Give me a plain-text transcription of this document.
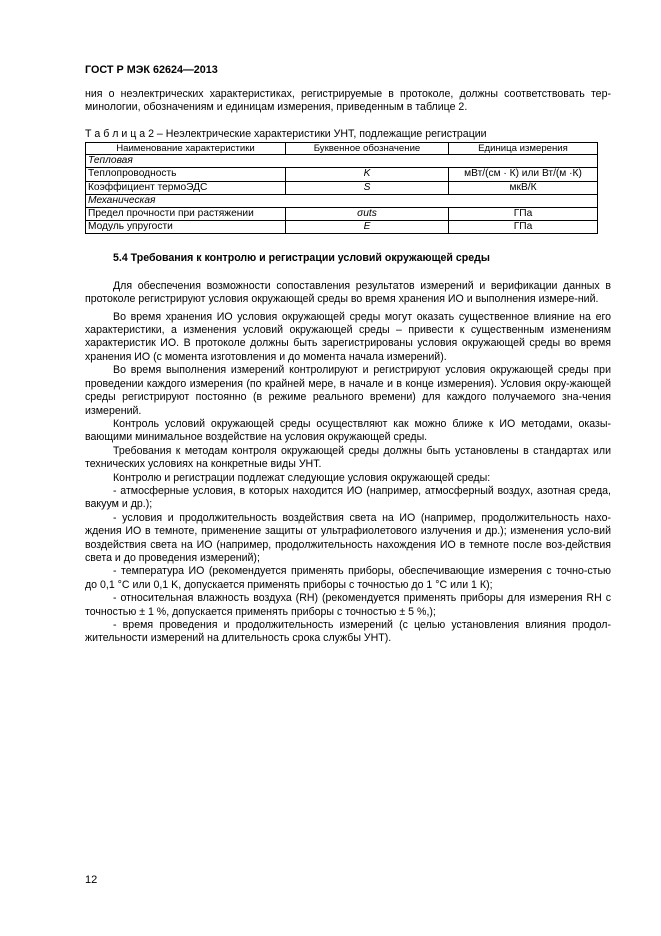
ГОСТ Р МЭК 62624—2013

ния о неэлектрических характеристиках, регистрируемые в протоколе, должны соответствовать тер-минологии, обозначениям и единицам измерения, приведенным в таблице 2.

Т а б л и ц а 2 – Неэлектрические характеристики УНТ, подлежащие регистрации
Наименование характеристики	Буквенное обозначение	Единица измерения
Тепловая		
Теплопроводность	K	мВт/(см · К) или Вт/(м ·К)
Коэффициент термоЭДС	S	мкВ/К
Механическая		
Предел прочности при растяжении	σuts	ГПа
Модуль упругости	E	ГПа

5.4 Требования к контролю и регистрации условий окружающей среды

Для обеспечения возможности сопоставления результатов измерений и верификации данных в протоколе регистрируют условия окружающей среды во время хранения ИО и выполнения измере-ний.

Во время хранения ИО условия окружающей среды могут оказать существенное влияние на его характеристики, а изменения условий окружающей среды – привести к существенным изменениям характеристик ИО. В протоколе должны быть зарегистрированы условия окружающей среды во время хранения ИО (с момента изготовления и до момента начала измерений).

Во время выполнения измерений контролируют и регистрируют условия окружающей среды при проведении каждого измерения (по крайней мере, в начале и в конце измерения). Условия окру-жающей среды регистрируют постоянно (в режиме реального времени) для каждого получаемого зна-чения измерений.

Контроль условий окружающей среды осуществляют как можно ближе к ИО методами, оказы-вающими минимальное воздействие на условия окружающей среды.

Требования к методам контроля окружающей среды должны быть установлены в стандартах или технических условиях на конкретные виды УНТ.

Контролю и регистрации подлежат следующие условия окружающей среды:

- атмосферные условия, в которых находится ИО (например, атмосферный воздух, азотная среда, вакуум и др.);

- условия и продолжительность воздействия света на ИО (например, продолжительность нахо-ждения ИО в темноте, применение защиты от ультрафиолетового излучения и др.); изменения усло-вий воздействия света на ИО (например, продолжительность нахождения ИО в темноте после воз-действия света и до проведения измерений);

- температура ИО (рекомендуется применять приборы, обеспечивающие измерения с точно-стью до 0,1 °С или 0,1 K, допускается применять приборы с точностью до 1 °С или 1 К);

- относительная влажность воздуха (RH) (рекомендуется применять приборы для измерения RH с точностью ± 1 %, допускается применять приборы с точностью ± 5 %,);

- время проведения и продолжительность измерений (с целью установления влияния продол-жительности измерений на длительность срока службы УНТ).

12
